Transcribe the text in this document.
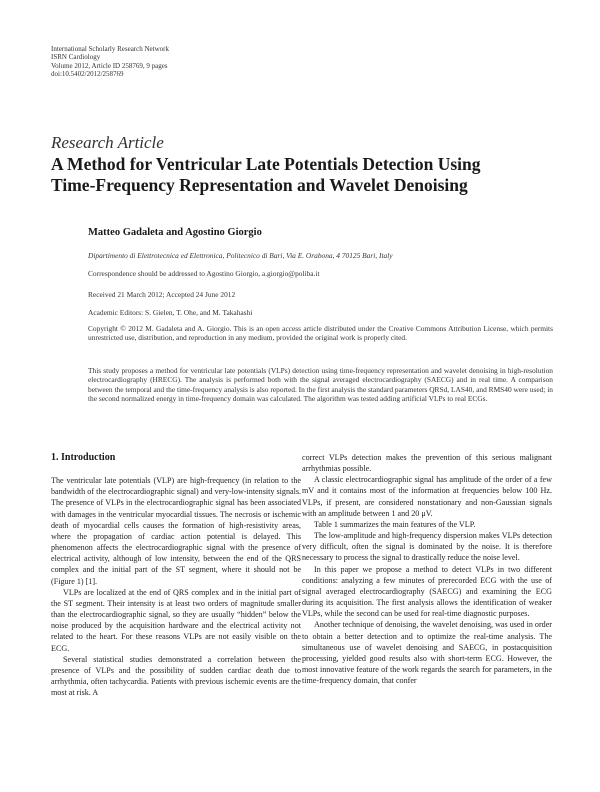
International Scholarly Research Network
ISRN Cardiology
Volume 2012, Article ID 258769, 9 pages
doi:10.5402/2012/258769
Research Article
A Method for Ventricular Late Potentials Detection Using
Time-Frequency Representation and Wavelet Denoising
Matteo Gadaleta and Agostino Giorgio
Dipartimento di Elettrotecnica ed Elettronica, Politecnico di Bari, Via E. Orabona, 4 70125 Bari, Italy
Correspondence should be addressed to Agostino Giorgio, a.giorgio@poliba.it
Received 21 March 2012; Accepted 24 June 2012
Academic Editors: S. Gielen, T. Ohe, and M. Takahashi
Copyright © 2012 M. Gadaleta and A. Giorgio. This is an open access article distributed under the Creative Commons Attribution License, which permits unrestricted use, distribution, and reproduction in any medium, provided the original work is properly cited.
This study proposes a method for ventricular late potentials (VLPs) detection using time-frequency representation and wavelet denoising in high-resolution electrocardiography (HRECG). The analysis is performed both with the signal averaged electrocardiography (SAECG) and in real time. A comparison between the temporal and the time-frequency analysis is also reported. In the first analysis the standard parameters QRSd, LAS40, and RMS40 were used; in the second normalized energy in time-frequency domain was calculated. The algorithm was tested adding artificial VLPs to real ECGs.
1. Introduction

The ventricular late potentials (VLP) are high-frequency (in relation to the bandwidth of the electrocardiographic signal) and very-low-intensity signals. The presence of VLPs in the electrocardiographic signal has been associated with damages in the ventricular myocardial tissues. The necrosis or ischemic death of myocardial cells causes the formation of high-resistivity areas, where the propagation of cardiac action potential is delayed. This phenomenon affects the electrocardiographic signal with the presence of electrical activity, although of low intensity, between the end of the QRS complex and the initial part of the ST segment, where it should not be (Figure 1) [1].

VLPs are localized at the end of QRS complex and in the initial part of the ST segment. Their intensity is at least two orders of magnitude smaller than the electrocardiographic signal, so they are usually “hidden” below the noise produced by the acquisition hardware and the electrical activity not related to the heart. For these reasons VLPs are not easily visible on the ECG.

Several statistical studies demonstrated a correlation between the presence of VLPs and the possibility of sudden cardiac death due to arrhythmia, often tachycardia. Patients with previous ischemic events are the most at risk. A

correct VLPs detection makes the prevention of this serious malignant arrhythmias possible.

A classic electrocardiographic signal has amplitude of the order of a few mV and it contains most of the information at frequencies below 100 Hz. VLPs, if present, are considered nonstationary and non-Gaussian signals with an amplitude between 1 and 20 μV.

Table 1 summarizes the main features of the VLP.

The low-amplitude and high-frequency dispersion makes VLPs detection very difficult, often the signal is dominated by the noise. It is therefore necessary to process the signal to drastically reduce the noise level.

In this paper we propose a method to detect VLPs in two different conditions: analyzing a few minutes of prerecorded ECG with the use of signal averaged electrocardiography (SAECG) and examining the ECG during its acquisition. The first analysis allows the identification of weaker VLPs, while the second can be used for real-time diagnostic purposes.

Another technique of denoising, the wavelet denoising, was used in order to obtain a better detection and to optimize the real-time analysis. The simultaneous use of wavelet denoising and SAECG, in postacquisition processing, yielded good results also with short-term ECG. However, the most innovative feature of the work regards the search for parameters, in the time-frequency domain, that confer
